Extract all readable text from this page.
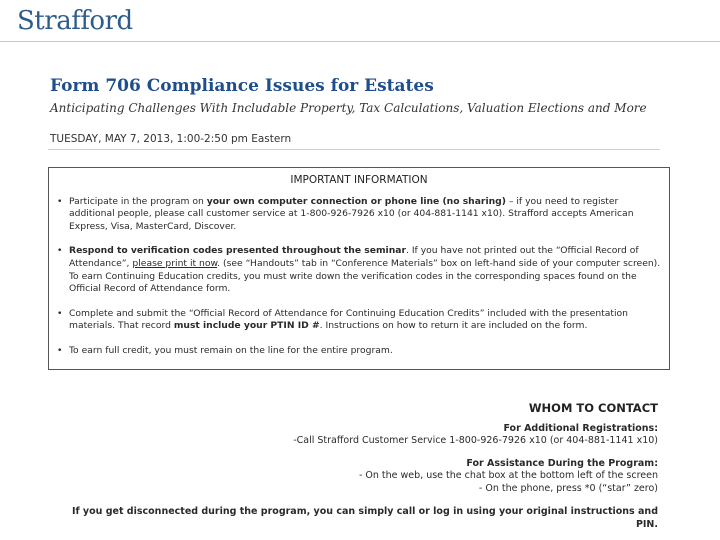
Strafford
Form 706 Compliance Issues for Estates
Anticipating Challenges With Includable Property, Tax Calculations, Valuation Elections and More
TUESDAY, MAY 7, 2013, 1:00-2:50 pm Eastern
IMPORTANT INFORMATION
• Participate in the program on your own computer connection or phone line (no sharing) – if you need to register additional people, please call customer service at 1-800-926-7926 x10 (or 404-881-1141 x10). Strafford accepts American Express, Visa, MasterCard, Discover.
• Respond to verification codes presented throughout the seminar. If you have not printed out the “Official Record of Attendance”, please print it now. (see “Handouts” tab in “Conference Materials” box on left-hand side of your computer screen). To earn Continuing Education credits, you must write down the verification codes in the corresponding spaces found on the Official Record of Attendance form.
• Complete and submit the “Official Record of Attendance for Continuing Education Credits” included with the presentation materials. That record must include your PTIN ID #. Instructions on how to return it are included on the form.
• To earn full credit, you must remain on the line for the entire program.
WHOM TO CONTACT
For Additional Registrations:
-Call Strafford Customer Service 1-800-926-7926 x10 (or 404-881-1141 x10)
For Assistance During the Program:
- On the web, use the chat box at the bottom left of the screen
- On the phone, press *0 (“star” zero)
If you get disconnected during the program, you can simply call or log in using your original instructions and PIN.
